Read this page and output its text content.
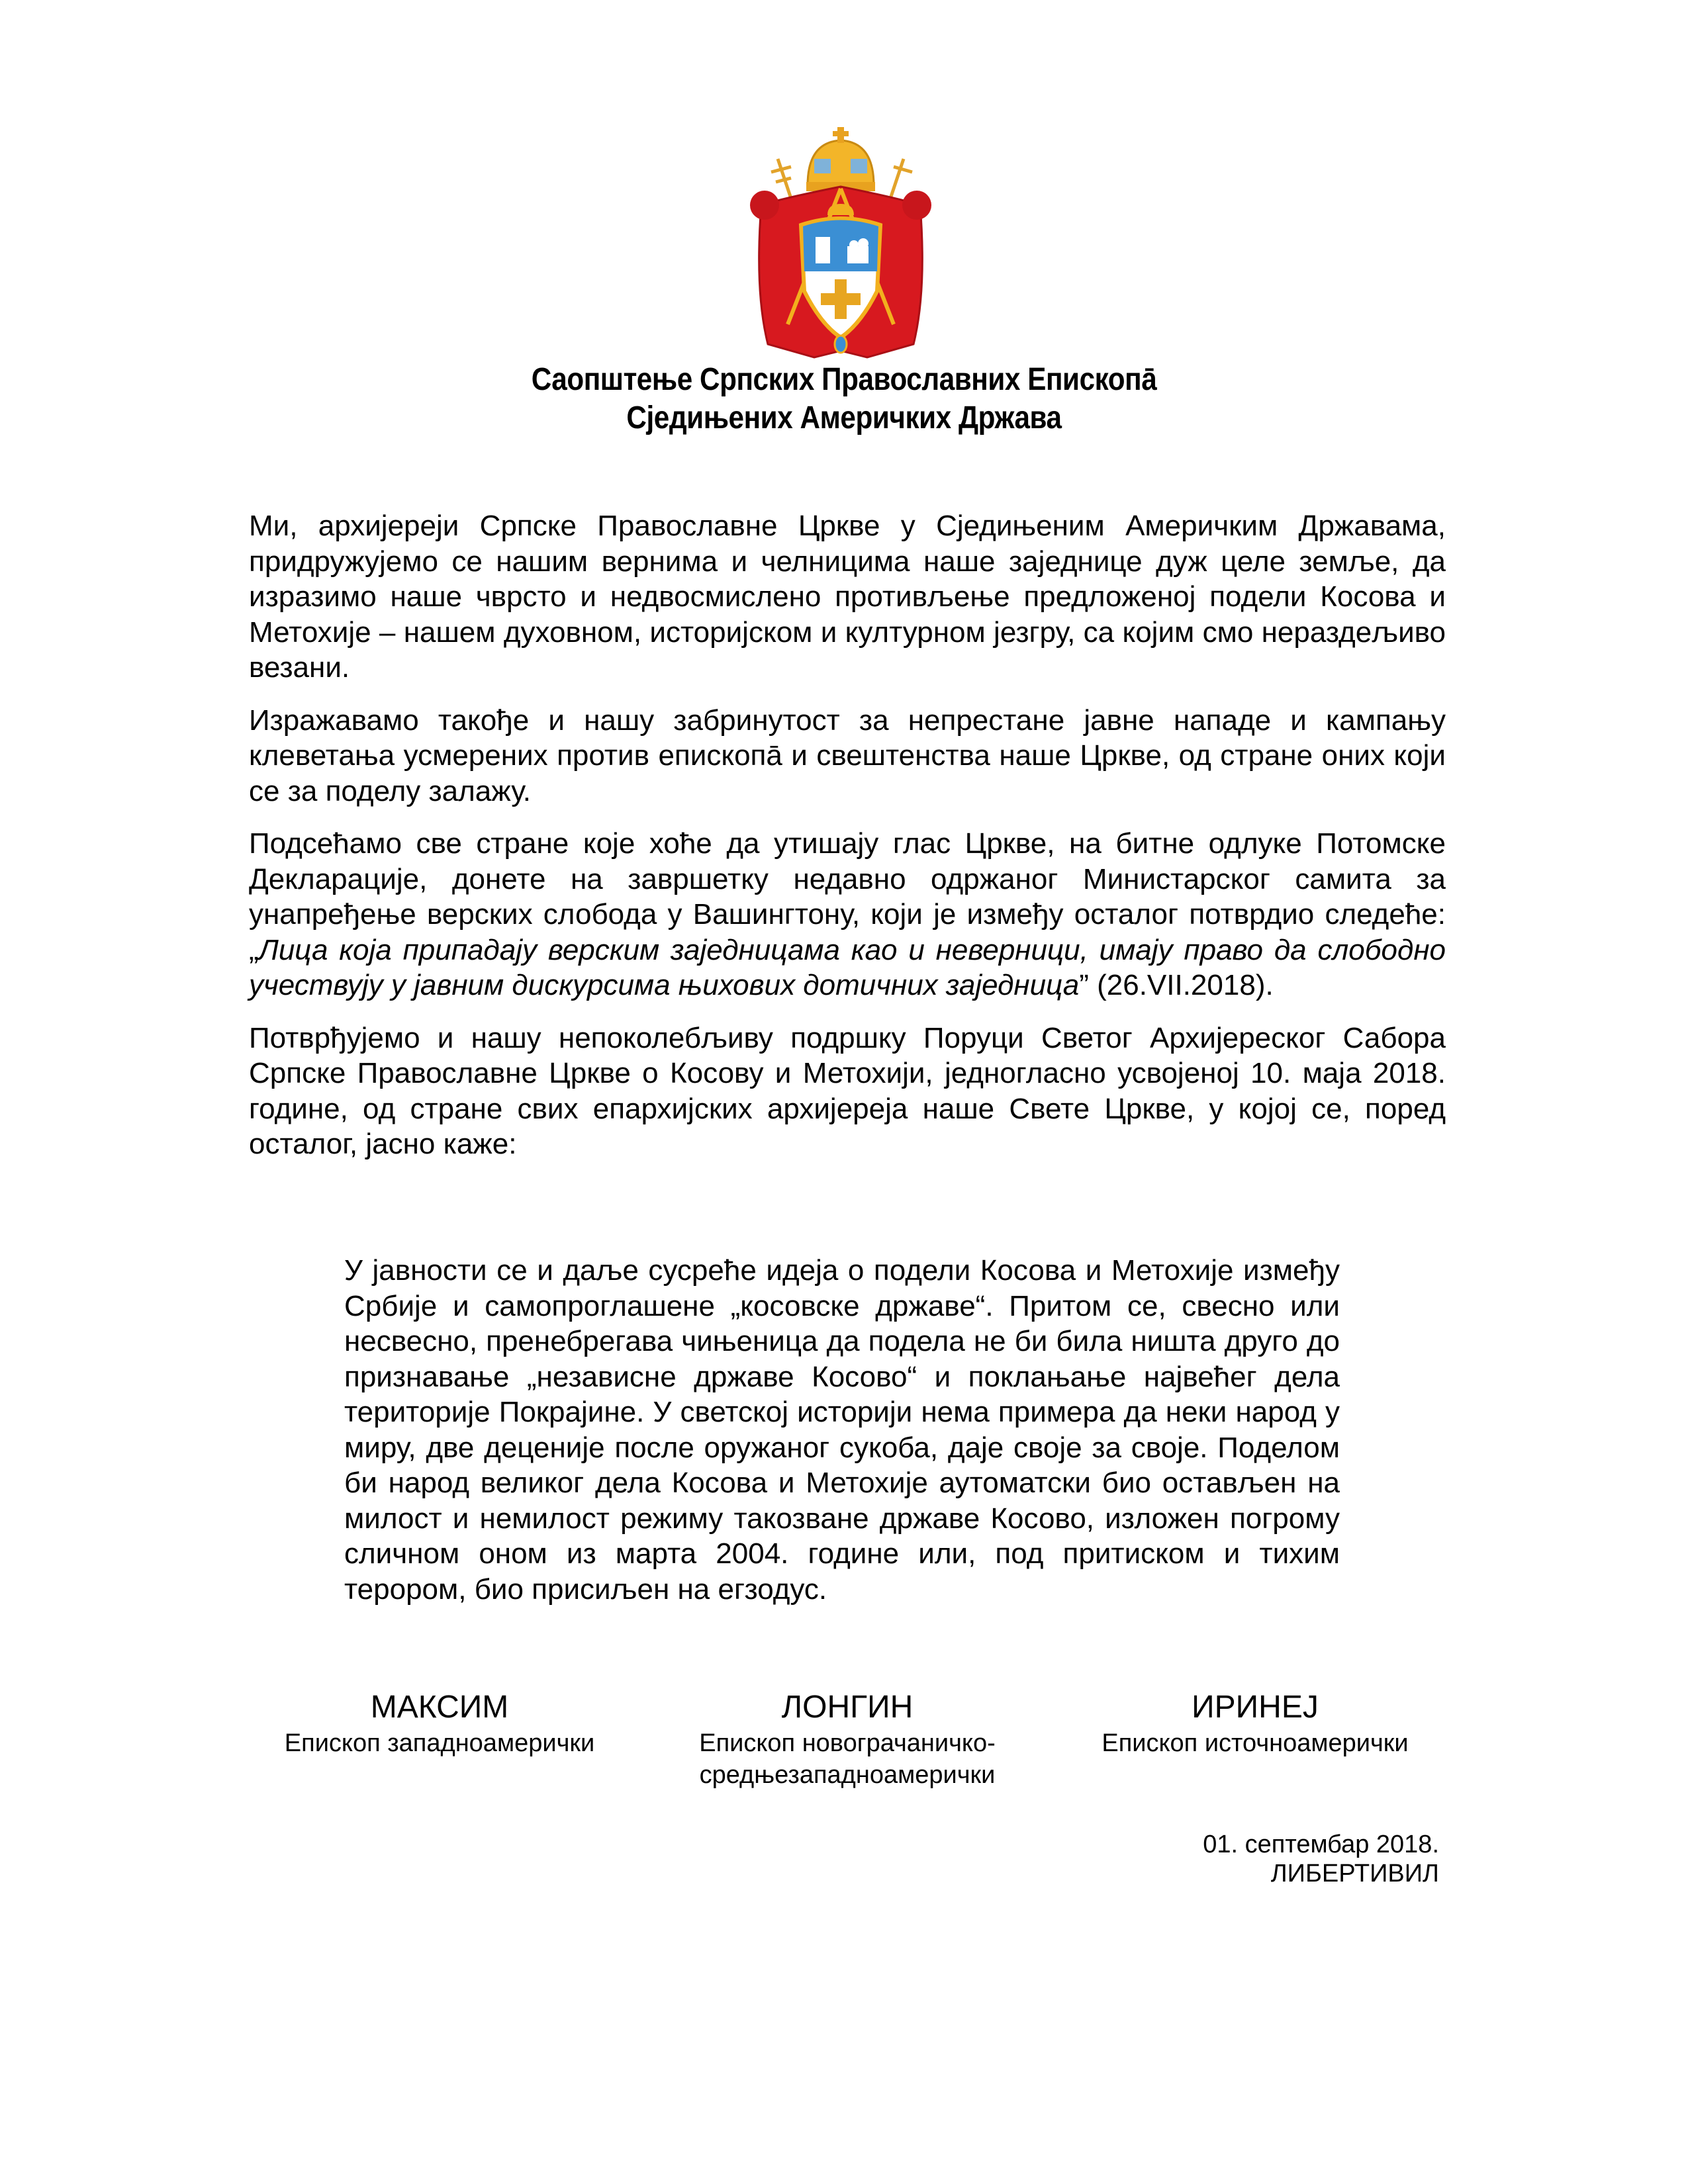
Саопштење Српских Православних Епископā
Сједињених Америчких Држава

Ми, архијереји Српске Православне Цркве у Сједињеним Америчким Државама, придружујемо се нашим вернима и челницима наше заједнице дуж целе земље, да изразимо наше чврсто и недвосмислено противљење предложеној подели Косова и Метохије – нашем духовном, историјском и културном језгру, са којим смо нераздељиво везани.

Изражавамо такође и нашу забринутост за непрестане јавне нападе и кампању клеветања усмерених против епископā и свештенства наше Цркве, од стране оних који се за поделу залажу.

Подсећамо све стране које хоће да утишају глас Цркве, на битне одлуке Потомске Декларације, донете на завршетку недавно одржаног Министарског самита за унапређење верских слобода у Вашингтону, који је између осталог потврдио следеће: „Лица која припадају верским заједницама као и неверници, имају право да слободно учествују у јавним дискурсима њихових дотичних заједница” (26.VII.2018).

Потврђујемо и нашу непоколебљиву подршку Поруци Светог Архијереског Сабора Српске Православне Цркве о Косову и Метохији, једногласно усвојеној 10. маја 2018. године, од стране свих епархијских архијереја наше Свете Цркве, у којој се, поред осталог, јасно каже:

У јавности се и даље сусреће идеја о подели Косова и Метохије између Србије и самопроглашене „косовске државе“. Притом се, свесно или несвесно, пренебрегава чињеница да подела не би била ништа друго до признавање „независне државе Косово“ и поклањање највећег дела територије Покрајине. У светској историји нема примера да неки народ у миру, две деценије после оружаног сукоба, даје своје за своје. Поделом би народ великог дела Косова и Метохије аутоматски био остављен на милост и немилост режиму такозване државе Косово, изложен погрому сличном оном из марта 2004. године или, под притиском и тихим терором, био присиљен на егзодус.
МАКСИМ
Епископ западноамерички
ЛОНГИН
Епископ новограчаничко-средњезападноамерички
ИРИНЕЈ
Епископ источноамерички
01. септембар 2018.
ЛИБЕРТИВИЛ
